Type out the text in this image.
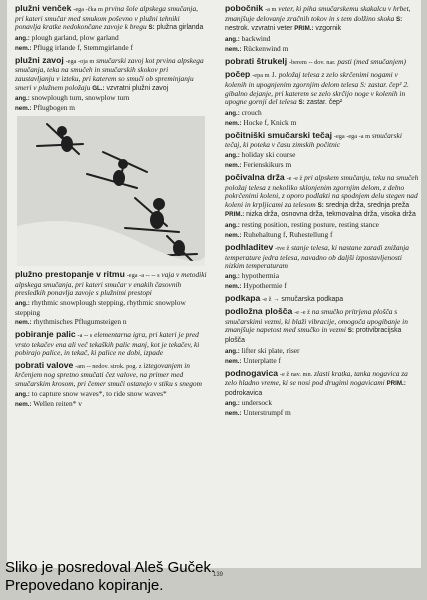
plužni venček -ega -čka m prvina šole alpskega smučanja, pri kateri smučar med smukom poševno v plužni tehniki ponavlja kratke nedokončane zavoje k bregu S: plužna girlanda

ang.: plough garland, plow garland

nem.: Pflugg irlande f, Stemmgirlande f

plužni zavoj -ega -oja m smučarski zavoj kot prvina alpskega smučanja, teka na smučeh in smučarskih skokov pri zaustavljanju v izteku, pri katerem so smuči ob spreminjanju smeri v plužnem položaju GL.: vzvratni plužni zavoj

ang.: snowplough turn, snowplow turn

nem.: Pflugbogen m

plužno prestopanje v ritmu -ega -a -- -- s vaja v metodiki alpskega smučanja, pri kateri smučar v enakih časovnih presledkih ponavlja zavoje s plužnimi prestopi

ang.: rhythmic snowplough stepping, rhythmic snowplow stepping

nem.: rhythmisches Pflugumsteigen n

pobiranje palic -a -- s elementarna igra, pri kateri je pred vrsto tekačev ena ali več tekaških palic manj, kot je tekačev, ki pobirajo palice, in tekač, ki palice ne dobi, izpade

pobrati valove -am -- nedov. strok. pog. z iztegovanjem in krčenjem nog spretno smučati čez valove, na primer med smučarskim krosom, pri čemer smuči ostanejo v stiku s snegom

ang.: to capture snow waves*, to ride snow waves*

nem.: Wellen reiten* v

pobočnik -a m veter, ki piha smučarskemu skakalcu v hrbet, zmanjšuje delovanje zračnih tokov in s tem dolžino skoka S: nestrok. vzvratni veter PRIM.: vzgornik

ang.: backwind

nem.: Rückenwind m

pobrati štrukelj -berem -- dov. nar. pasti (med smučanjem)

počep -epa m 1. položaj telesa z zelo skrčenimi nogami v kolenih in upognjenim zgornjim delom telesa S: zastar. čep² 2. gibalno dejanje, pri katerem se zelo skrčijo noge v kolenih in upogne gornji del telesa S: zastar. čep²

ang.: crouch

nem.: Hocke f, Knick m

počitniški smučarski tečaj -ega -ega -a m smučarski tečaj, ki poteka v času zimskih počitnic

ang.: holiday ski course

nem.: Ferienskikurs m

počivalna drža -e -e ž pri alpskem smučanju, teku na smučeh položaj telesa z nekoliko sklonjenim zgornjim delom, z delno pokrčenimi koleni, z oporo podlakti na spodnjem delu stegen nad koleni in krpljicami za telesom S: srednja drža, srednja preža PRIM.: nizka drža, osnovna drža, tekmovalna drža, visoka drža

ang.: resting position, resting posture, resting stance

nem.: Ruhehaltung f, Ruhestellung f

podhladitev -tve ž stanje telesa, ki nastane zaradi znižanja temperature jedra telesa, navadno ob daljši izpostavljenosti nizkim temperaturam

ang.: hypothermia

nem.: Hypothermie f

podkapa -e ž → smučarska podkapa

podložna plošča -e -e ž na smučko pritrjena plošča s smučarskimi vezmi, ki blaži vibracije, omogoča upogibanje in zmanjšuje napetost med smučko in vezmi S: protivibracijska plošča

ang.: lifter ski plate, riser

nem.: Unterplatte f

podnogavica -e ž nav. mn. zlasti kratka, tanka nogavica za zelo hladno vreme, ki se nosi pod drugimi nogavicami PRIM.: podrokavica

ang.: undersock

nem.: Unterstrumpf m

139
Sliko je posredoval Aleš Guček.
Prepovedano kopiranje.
